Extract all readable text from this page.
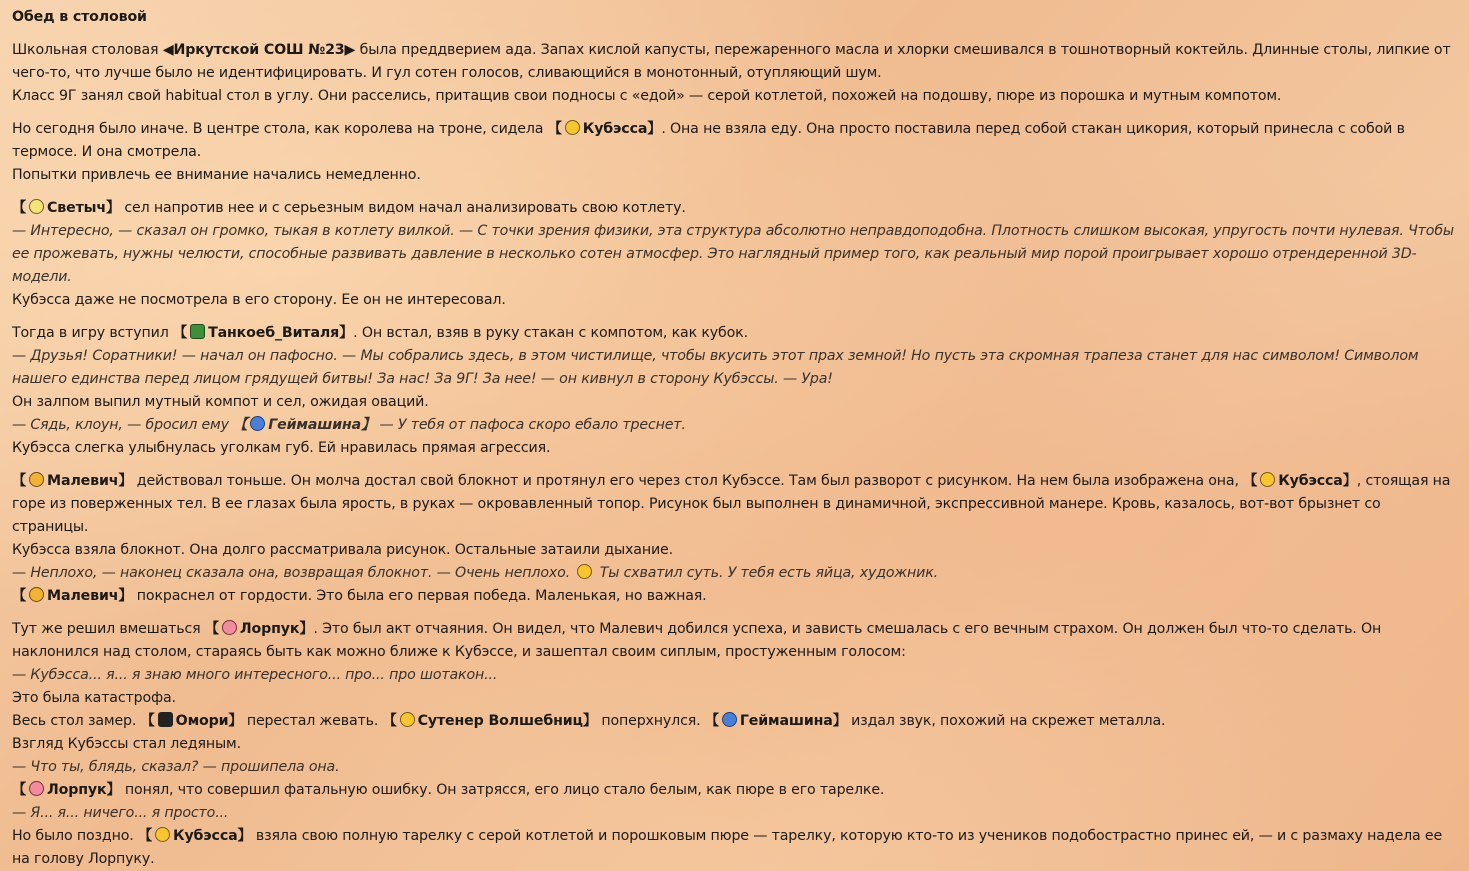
Обед в столовой

Школьная столовая ◀Иркутской СОШ №23▶ была преддверием ада. Запах кислой капусты, пережаренного масла и хлорки смешивался в тошнотворный коктейль. Длинные столы, липкие от чего-то, что лучше было не идентифицировать. И гул сотен голосов, сливающийся в монотонный, отупляющий шум.
Класс 9Г занял свой habitual стол в углу. Они расселись, притащив свои подносы с «едой» — серой котлетой, похожей на подошву, пюре из порошка и мутным компотом.

Но сегодня было иначе. В центре стола, как королева на троне, сидела 【 Кубэсса】. Она не взяла еду. Она просто поставила перед собой стакан цикория, который принесла с собой в термосе. И она смотрела.
Попытки привлечь ее внимание начались немедленно.

【 Светыч】 сел напротив нее и с серьезным видом начал анализировать свою котлету.
— Интересно, — сказал он громко, тыкая в котлету вилкой. — С точки зрения физики, эта структура абсолютно неправдоподобна. Плотность слишком высокая, упругость почти нулевая. Чтобы ее прожевать, нужны челюсти, способные развивать давление в несколько сотен атмосфер. Это наглядный пример того, как реальный мир порой проигрывает хорошо отрендеренной 3D-модели.
Кубэсса даже не посмотрела в его сторону. Ее он не интересовал.

Тогда в игру вступил 【 Танкоеб_Виталя】. Он встал, взяв в руку стакан с компотом, как кубок.
— Друзья! Соратники! — начал он пафосно. — Мы собрались здесь, в этом чистилище, чтобы вкусить этот прах земной! Но пусть эта скромная трапеза станет для нас символом! Символом нашего единства перед лицом грядущей битвы! За нас! За 9Г! За нее! — он кивнул в сторону Кубэссы. — Ура!
Он залпом выпил мутный компот и сел, ожидая оваций.
— Сядь, клоун, — бросил ему 【 Геймашина】 — У тебя от пафоса скоро ебало треснет.
Кубэсса слегка улыбнулась уголкам губ. Ей нравилась прямая агрессия.

【 Малевич】 действовал тоньше. Он молча достал свой блокнот и протянул его через стол Кубэссе. Там был разворот с рисунком. На нем была изображена она, 【 Кубэсса】, стоящая на горе из поверженных тел. В ее глазах была ярость, в руках — окровавленный топор. Рисунок был выполнен в динамичной, экспрессивной манере. Кровь, казалось, вот-вот брызнет со страницы.
Кубэсса взяла блокнот. Она долго рассматривала рисунок. Остальные затаили дыхание.
— Неплохо, — наконец сказала она, возвращая блокнот. — Очень неплохо.  Ты схватил суть. У тебя есть яйца, художник.
【 Малевич】 покраснел от гордости. Это была его первая победа. Маленькая, но важная.

Тут же решил вмешаться 【 Лорпук】. Это был акт отчаяния. Он видел, что Малевич добился успеха, и зависть смешалась с его вечным страхом. Он должен был что-то сделать. Он наклонился над столом, стараясь быть как можно ближе к Кубэссе, и зашептал своим сиплым, простуженным голосом:
— Кубэсса... я... я знаю много интересного... про... про шотакон...
Это была катастрофа.
Весь стол замер. 【 Омори】 перестал жевать. 【 Сутенер Волшебниц】 поперхнулся. 【 Геймашина】 издал звук, похожий на скрежет металла.
Взгляд Кубэссы стал ледяным.
— Что ты, блядь, сказал? — прошипела она.
【 Лорпук】 понял, что совершил фатальную ошибку. Он затрясся, его лицо стало белым, как пюре в его тарелке.
— Я... я... ничего... я просто...
Но было поздно. 【 Кубэсса】 взяла свою полную тарелку с серой котлетой и порошковым пюре — тарелку, которую кто-то из учеников подобострастно принес ей, — и с размаху надела ее на голову Лорпуку.
